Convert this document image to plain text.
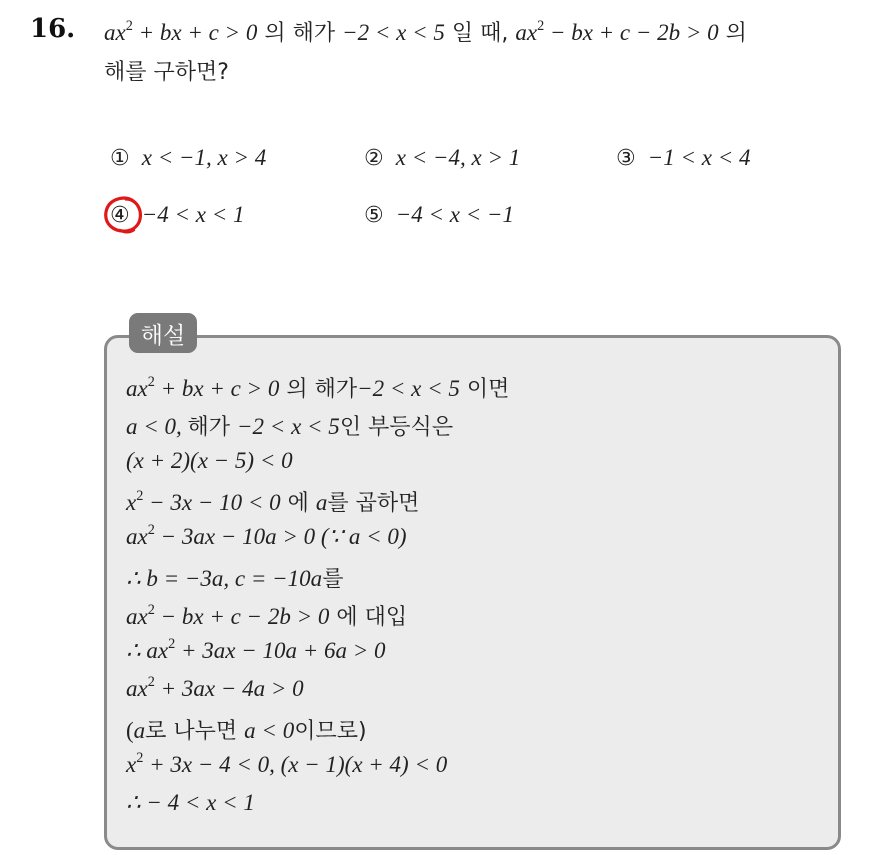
16. $ax^2$ + bx + c > 0 의 해가 −2 < x < 5 일 때, $ax^2$ − bx + c − 2b > 0 의
해를 구하면?
① x < −1, x > 4	② x < −4, x > 1	③ −1 < x < 4
④ −4 < x < 1	⑤ −4 < x < −1
해설
$ax^2$ + bx + c > 0 의 해가−2 < x < 5 이면
a < 0, 해가 −2 < x < 5인 부등식은
(x + 2)(x − 5) < 0
$x^2 - 3x - 10 < 0$ 에 a를 곱하면
$ax^2 - 3ax - 10a > 0$ (∵ a < 0)
∴ b = −3a, c = −10a를
$ax^2$ − bx + c − 2b > 0 에 대입
∴ $ax^2 + 3ax - 10a + 6a > 0$
$ax^2 + 3ax - 4a > 0$
(a로 나누면 a < 0이므로)
$x^2 + 3x - 4 < 0$, (x − 1)(x + 4) < 0
∴ − 4 < x < 1
